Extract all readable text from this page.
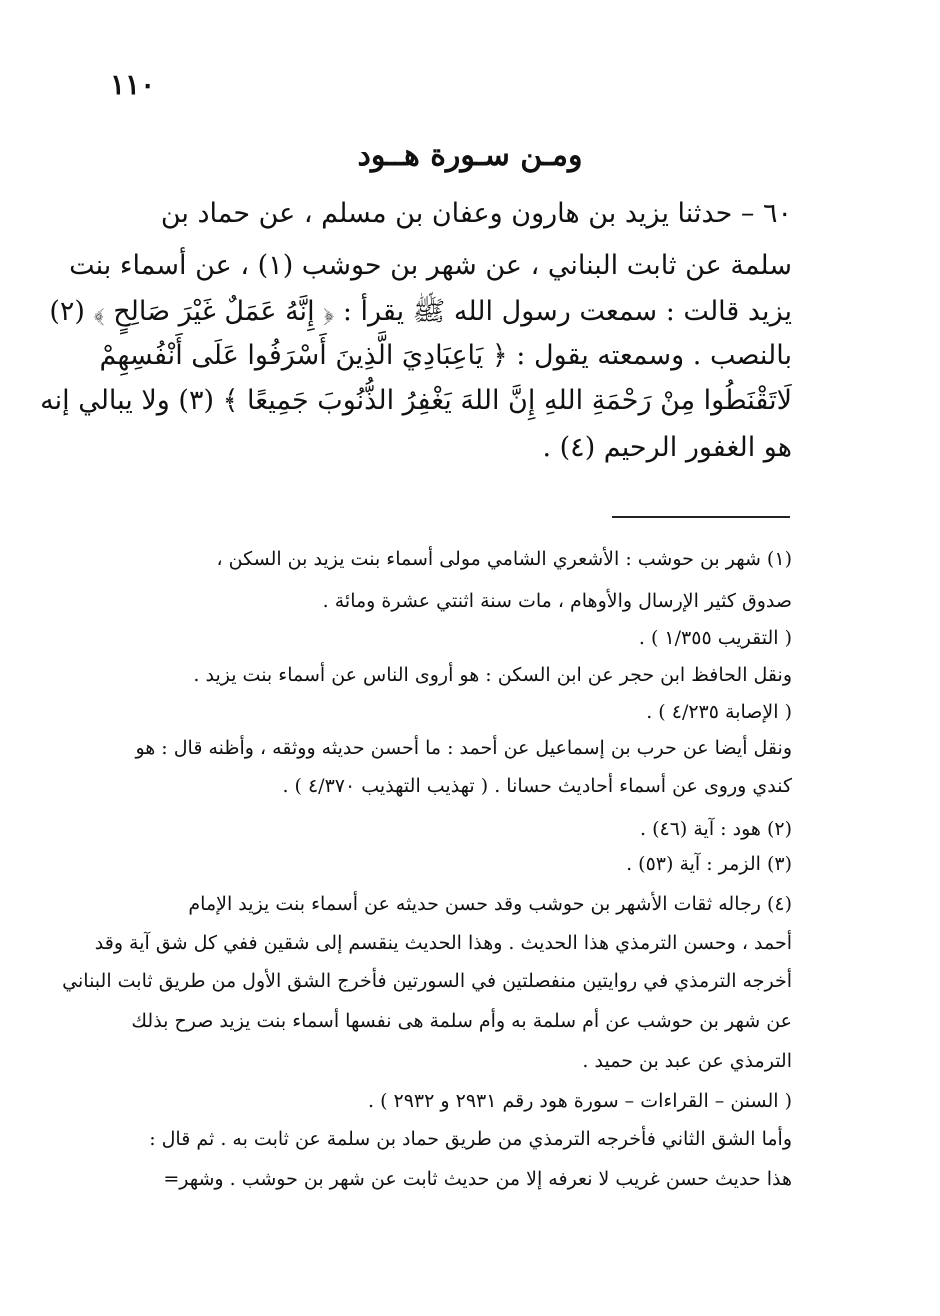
١١٠
ومـن سـورة هــود
٦٠ – حدثنا يزيد بن هارون وعفان بن مسلم ، عن حماد بن
سلمة عن ثابت البناني ، عن شهر بن حوشب (١) ، عن أسماء بنت
يزيد قالت : سمعت رسول الله ﷺ يقرأ : ﴿ إِنَّهُ عَمَلٌ غَيْرَ صَالِحٍ ﴾ (٢)
بالنصب . وسمعته يقول : ﴿ يَاعِبَادِيَ الَّذِينَ أَسْرَفُوا عَلَى أَنْفُسِهِمْ
لَاتَقْنَطُوا مِنْ رَحْمَةِ اللهِ إِنَّ اللهَ يَغْفِرُ الذُّنُوبَ جَمِيعًا ﴾ (٣) ولا يبالي إنه
هو الغفور الرحيم (٤) .
(١) شهر بن حوشب : الأشعري الشامي مولى أسماء بنت يزيد بن السكن ،
صدوق كثير الإرسال والأوهام ، مات سنة اثنتي عشرة ومائة .
( التقريب ١/٣٥٥ ) .
ونقل الحافظ ابن حجر عن ابن السكن : هو أروى الناس عن أسماء بنت يزيد .
( الإصابة ٤/٢٣٥ ) .
ونقل أيضا عن حرب بن إسماعيل عن أحمد : ما أحسن حديثه ووثقه ، وأظنه قال : هو
كندي وروى عن أسماء أحاديث حسانا . ( تهذيب التهذيب ٤/٣٧٠ ) .
(٢) هود : آية (٤٦) .
(٣) الزمر : آية (٥٣) .
(٤) رجاله ثقات الأشهر بن حوشب وقد حسن حديثه عن أسماء بنت يزيد الإمام
أحمد ، وحسن الترمذي هذا الحديث . وهذا الحديث ينقسم إلى شقين ففي كل شق آية وقد
أخرجه الترمذي في روايتين منفصلتين في السورتين فأخرج الشق الأول من طريق ثابت البناني
عن شهر بن حوشب عن أم سلمة به وأم سلمة هى نفسها أسماء بنت يزيد صرح بذلك
الترمذي عن عبد بن حميد .
( السنن – القراءات – سورة هود رقم ٢٩٣١ و ٢٩٣٢ ) .
وأما الشق الثاني فأخرجه الترمذي من طريق حماد بن سلمة عن ثابت به . ثم قال :
هذا حديث حسن غريب لا نعرفه إلا من حديث ثابت عن شهر بن حوشب . وشهر=
